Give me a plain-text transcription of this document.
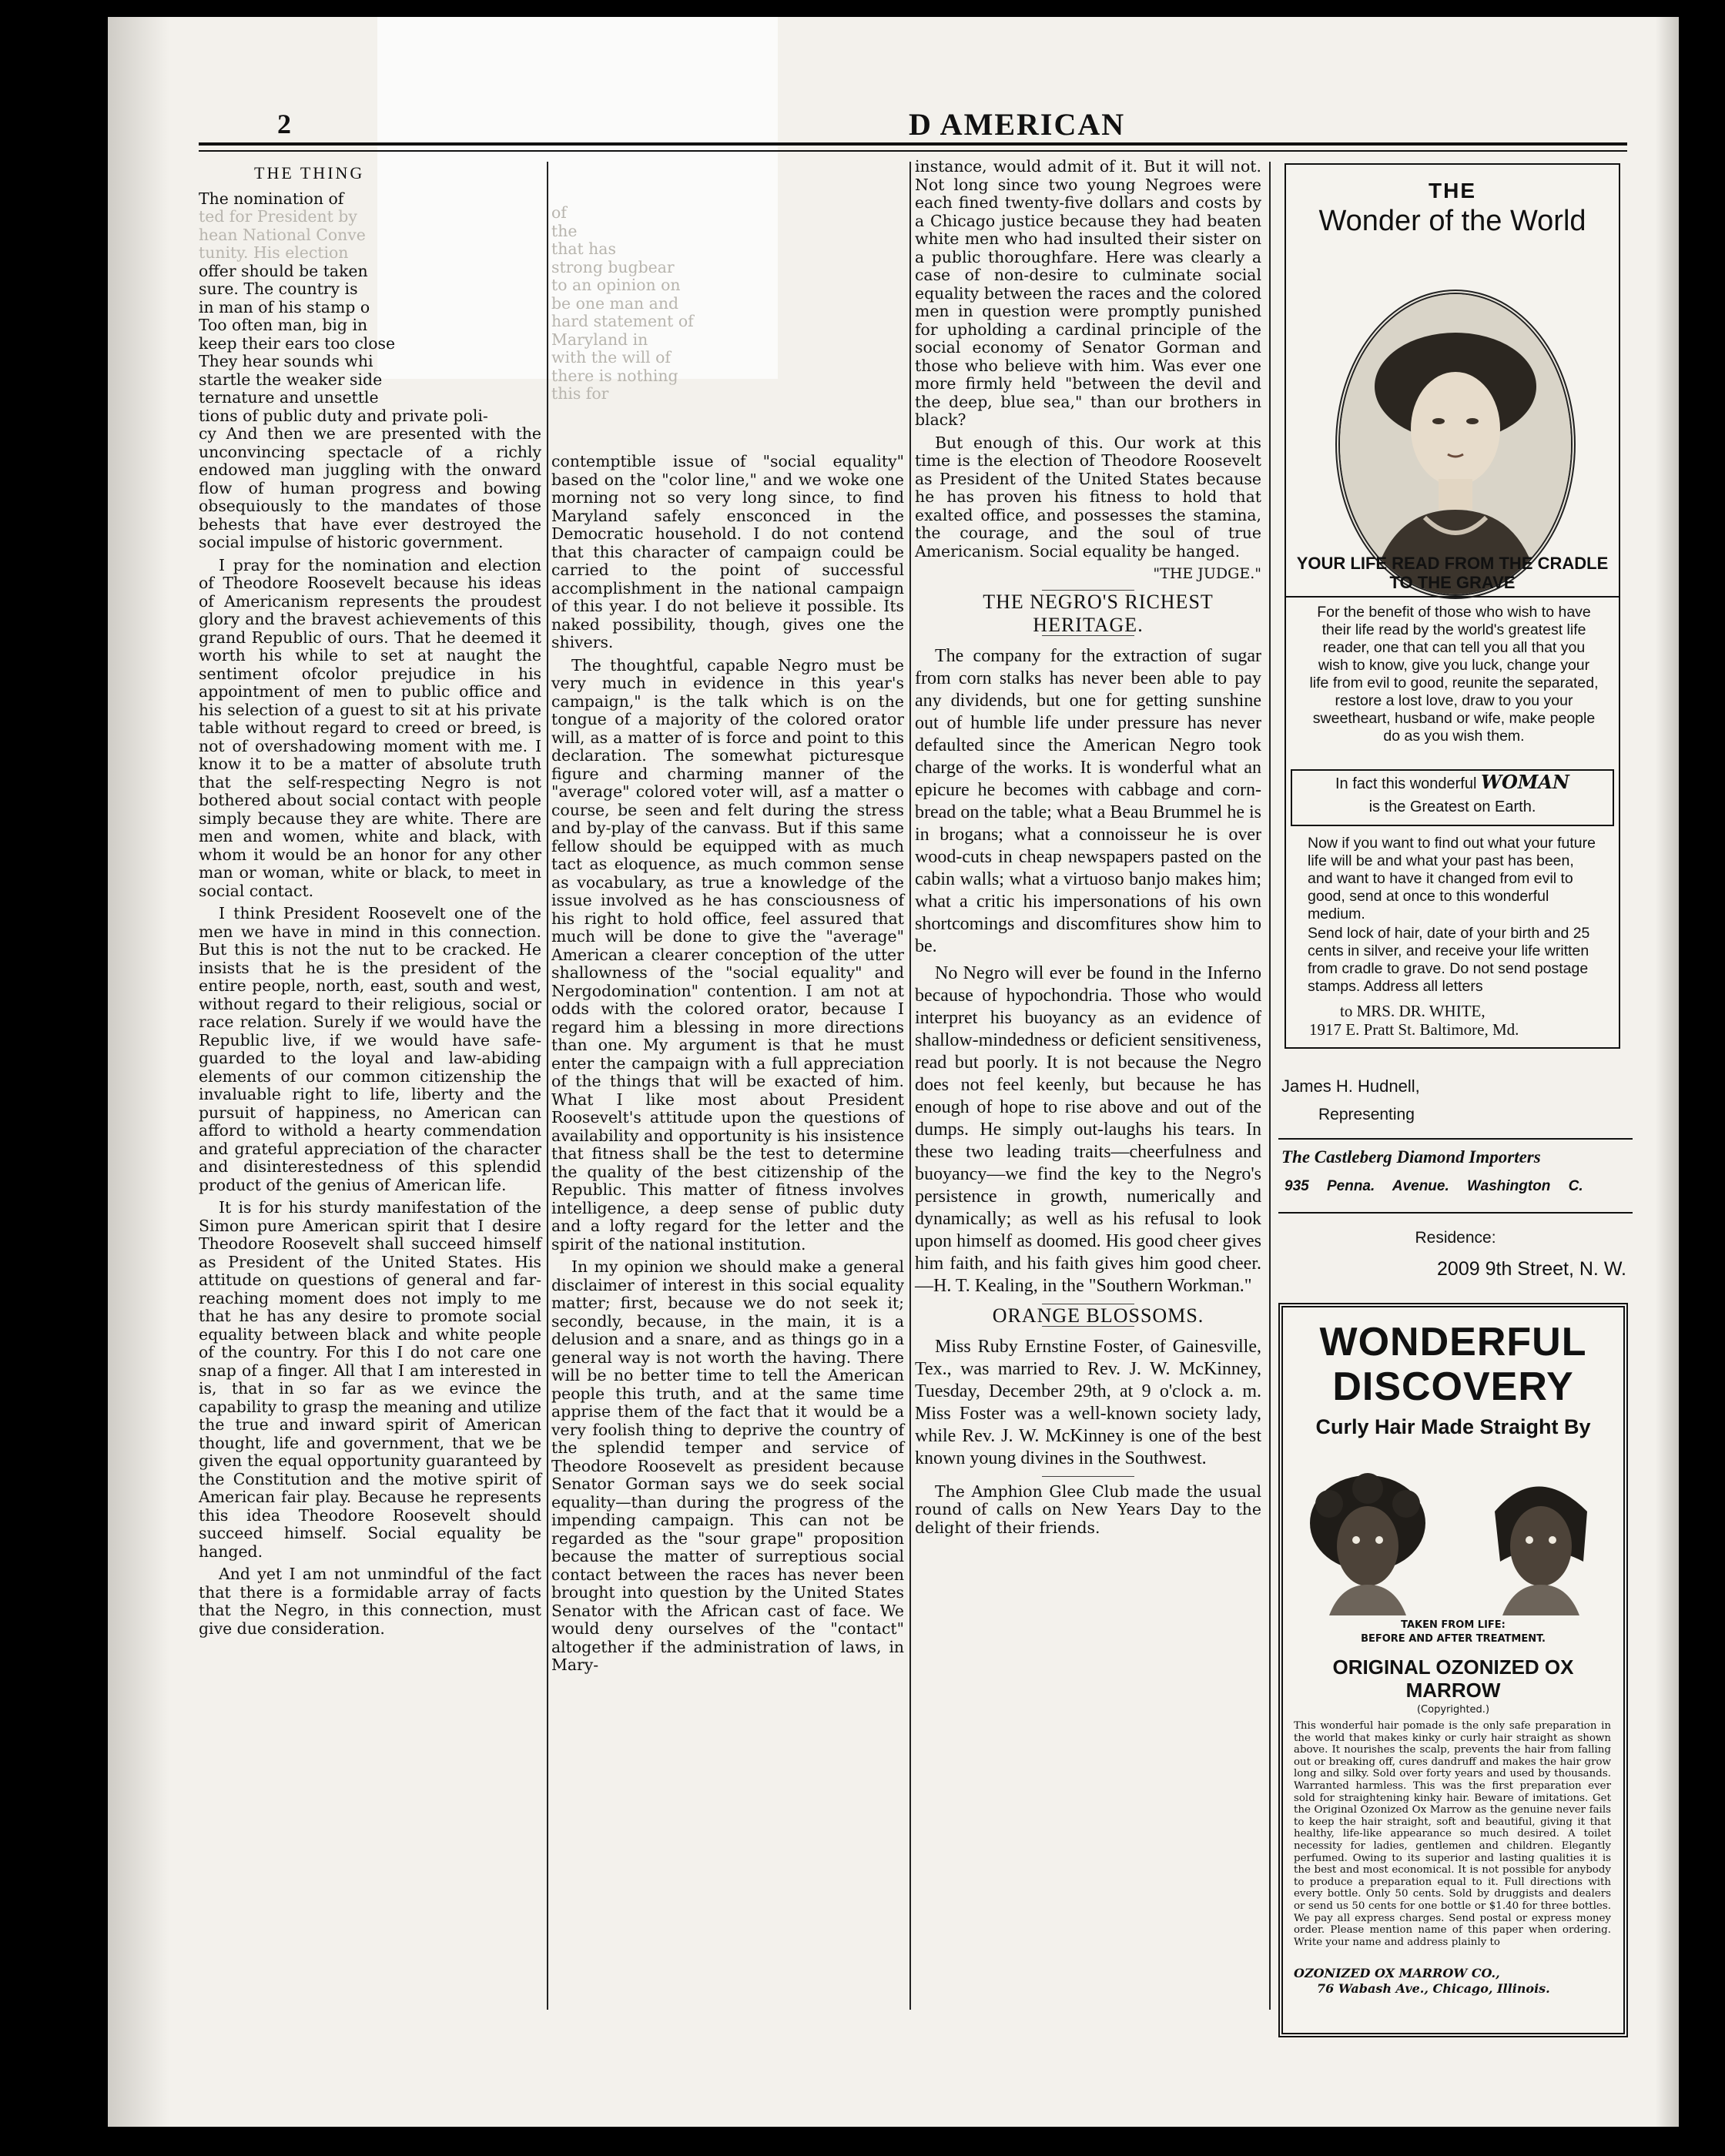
2	D AMERICAN

THE THING

The nomination of
ted for President by
hean National Conve
tunity. His election
offer should be taken
sure. The country is
in man of his stamp o
Too often man, big in
keep their ears too close
They hear sounds whi
startle the weaker side
ternature and unsettle
tions of public duty and private poli-

cy And then we are presented with the unconvincing spectacle of a richly endowed man juggling with the onward flow of human progress and bowing obsequiously to the mandates of those behests that have ever destroyed the social impulse of historic government.

I pray for the nomination and election of Theodore Roosevelt because his ideas of Americanism represents the proudest glory and the bravest achievements of this grand Republic of ours. That he deemed it worth his while to set at naught the sentiment ofcolor prejudice in his appointment of men to public office and his selection of a guest to sit at his private table without regard to creed or breed, is not of overshadowing moment with me. I know it to be a matter of absolute truth that the self-respecting Negro is not bothered about social contact with people simply because they are white. There are men and women, white and black, with whom it would be an honor for any other man or woman, white or black, to meet in social contact.

I think President Roosevelt one of the men we have in mind in this connection. But this is not the nut to be cracked. He insists that he is the president of the entire people, north, east, south and west, without regard to their religious, social or race relation. Surely if we would have the Republic live, if we would have safe-guarded to the loyal and law-abiding elements of our common citizenship the invaluable right to life, liberty and the pursuit of happiness, no American can afford to withold a hearty commendation and grateful appreciation of the character and disinterestedness of this splendid product of the genius of American life.

It is for his sturdy manifestation of the Simon pure American spirit that I desire Theodore Roosevelt shall succeed himself as President of the United States. His attitude on questions of general and far-reaching moment does not imply to me that he has any desire to promote social equality between black and white people of the country. For this I do not care one snap of a finger. All that I am interested in is, that in so far as we evince the capability to grasp the meaning and utilize the true and inward spirit of American thought, life and government, that we be given the equal opportunity guaranteed by the Constitution and the motive spirit of American fair play. Because he represents this idea Theodore Roosevelt should succeed himself. Social equality be hanged.

And yet I am not unmindful of the fact that there is a formidable array of facts that the Negro, in this connection, must give due consideration.

of
the
that has
strong bugbear
to an opinion on
be one man and
hard statement of
Maryland in
with the will of
there is nothing
this for

contemptible issue of "social equality" based on the "color line," and we woke one morning not so very long since, to find Maryland safely ensconced in the Democratic household. I do not contend that this character of campaign could be carried to the point of successful accomplishment in the national campaign of this year. I do not believe it possible. Its naked possibility, though, gives one the shivers.

The thoughtful, capable Negro must be very much in evidence in this year's campaign," is the talk which is on the tongue of a majority of the colored orator will, as a matter of is force and point to this declaration. The somewhat picturesque figure and charming manner of the "average" colored voter will, asf a matter o course, be seen and felt during the stress and by-play of the canvass. But if this same fellow should be equipped with as much tact as eloquence, as much common sense as vocabulary, as true a knowledge of the issue involved as he has consciousness of his right to hold office, feel assured that much will be done to give the "average" American a clearer conception of the utter shallowness of the "social equality" and Nergodomination" contention. I am not at odds with the colored orator, because I regard him a blessing in more directions than one. My argument is that he must enter the campaign with a full appreciation of the things that will be exacted of him. What I like most about President Roosevelt's attitude upon the questions of availability and opportunity is his insistence that fitness shall be the test to determine the quality of the best citizenship of the Republic. This matter of fitness involves intelligence, a deep sense of public duty and a lofty regard for the letter and the spirit of the national institution.

In my opinion we should make a general disclaimer of interest in this social equality matter; first, because we do not seek it; secondly, because, in the main, it is a delusion and a snare, and as things go in a general way is not worth the having. There will be no better time to tell the American people this truth, and at the same time apprise them of the fact that it would be a very foolish thing to deprive the country of the splendid temper and service of Theodore Roosevelt as president because Senator Gorman says we do seek social equality—than during the progress of the impending campaign. This can not be regarded as the "sour grape" proposition because the matter of surreptious social contact between the races has never been brought into question by the United States Senator with the African cast of face. We would deny ourselves of the "contact" altogether if the administration of laws, in Mary-

instance, would admit of it. But it will not. Not long since two young Negroes were each fined twenty-five dollars and costs by a Chicago justice because they had beaten white men who had insulted their sister on a public thoroughfare. Here was clearly a case of non-desire to culminate social equality between the races and the colored men in question were promptly punished for upholding a cardinal principle of the social economy of Senator Gorman and those who believe with him. Was ever one more firmly held "between the devil and the deep, blue sea," than our brothers in black?

But enough of this. Our work at this time is the election of Theodore Roosevelt as President of the United States because he has proven his fitness to hold that exalted office, and possesses the stamina, the courage, and the soul of true Americanism. Social equality be hanged.

"THE JUDGE."

THE NEGRO'S RICHEST HERITAGE.

The company for the extraction of sugar from corn stalks has never been able to pay any dividends, but one for getting sunshine out of humble life under pressure has never defaulted since the American Negro took charge of the works. It is wonderful what an epicure he becomes with cabbage and corn-bread on the table; what a Beau Brummel he is in brogans; what a connoisseur he is over wood-cuts in cheap newspapers pasted on the cabin walls; what a virtuoso banjo makes him; what a critic his impersonations of his own shortcomings and discomfitures show him to be.

No Negro will ever be found in the Inferno because of hypochondria. Those who would interpret his buoyancy as an evidence of shallow-mindedness or deficient sensitiveness, read but poorly. It is not because the Negro does not feel keenly, but because he has enough of hope to rise above and out of the dumps. He simply out-laughs his tears. In these two leading traits—cheerfulness and buoyancy—we find the key to the Negro's persistence in growth, numerically and dynamically; as well as his refusal to look upon himself as doomed. His good cheer gives him faith, and his faith gives him good cheer.—H. T. Kealing, in the "Southern Workman."

ORANGE BLOSSOMS.

Miss Ruby Ernstine Foster, of Gainesville, Tex., was married to Rev. J. W. McKinney, Tuesday, December 29th, at 9 o'clock a. m. Miss Foster was a well-known society lady, while Rev. J. W. McKinney is one of the best known young divines in the Southwest.

The Amphion Glee Club made the usual round of calls on New Years Day to the delight of their friends.

THE
Wonder of the World
YOUR LIFE READ FROM THE CRADLE TO THE GRAVE
For the benefit of those who wish to have their life read by the world's greatest life reader, one that can tell you all that you wish to know, give you luck, change your life from evil to good, reunite the separated, restore a lost love, draw to you your sweetheart, husband or wife, make people do as you wish them.
In fact this wonderful WOMAN
is the Greatest on Earth.
Now if you want to find out what your future life will be and what your past has been, and want to have it changed from evil to good, send at once to this wonderful medium.
Send lock of hair, date of your birth and 25 cents in silver, and receive your life written from cradle to grave. Do not send postage stamps. Address all letters
to MRS. DR. WHITE,
1917 E. Pratt St. Baltimore, Md.
James H. Hudnell,
Representing
The Castleberg Diamond Importers
935 Penna. Avenue. Washington C.
Residence:
2009 9th Street, N. W.
WONDERFUL DISCOVERY
Curly Hair Made Straight By
TAKEN FROM LIFE:
BEFORE AND AFTER TREATMENT.
ORIGINAL OZONIZED OX MARROW
(Copyrighted.)
This wonderful hair pomade is the only safe preparation in the world that makes kinky or curly hair straight as shown above. It nourishes the scalp, prevents the hair from falling out or breaking off, cures dandruff and makes the hair grow long and silky. Sold over forty years and used by thousands. Warranted harmless. This was the first preparation ever sold for straightening kinky hair. Beware of imitations. Get the Original Ozonized Ox Marrow as the genuine never fails to keep the hair straight, soft and beautiful, giving it that healthy, life-like appearance so much desired. A toilet necessity for ladies, gentlemen and children. Elegantly perfumed. Owing to its superior and lasting qualities it is the best and most economical. It is not possible for anybody to produce a preparation equal to it. Full directions with every bottle. Only 50 cents. Sold by druggists and dealers or send us 50 cents for one bottle or $1.40 for three bottles. We pay all express charges. Send postal or express money order. Please mention name of this paper when ordering. Write your name and address plainly to
OZONIZED OX MARROW CO.,
76 Wabash Ave., Chicago, Illinois.
